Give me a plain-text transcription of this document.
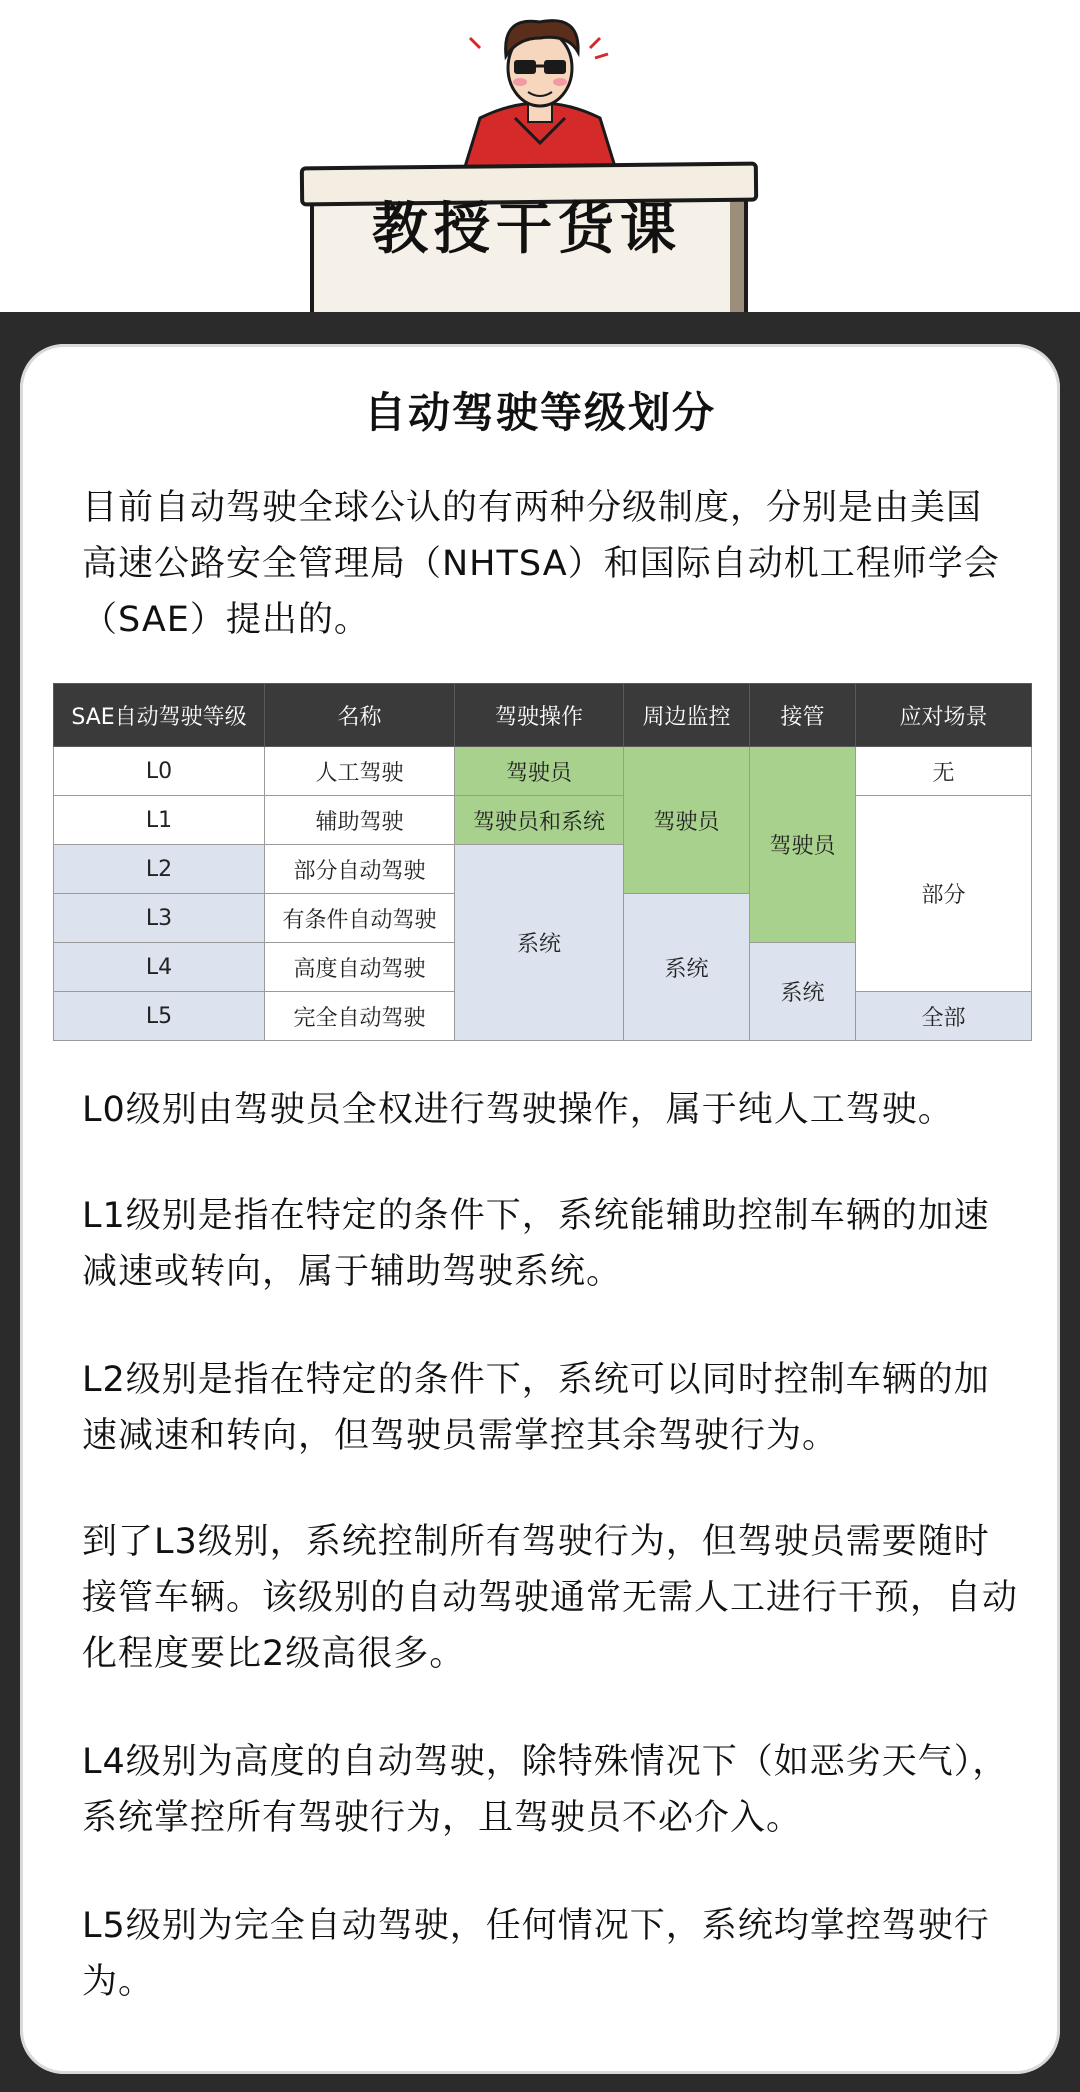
教授干货课
自动驾驶等级划分
目前自动驾驶全球公认的有两种分级制度，分别是由美国高速公路安全管理局（NHTSA）和国际自动机工程师学会（SAE）提出的。
SAE自动驾驶等级	名称	驾驶操作	周边监控	接管	应对场景
L0	人工驾驶	驾驶员	驾驶员	驾驶员	无
L1	辅助驾驶	驾驶员和系统			部分
L2	部分自动驾驶	系统			
L3	有条件自动驾驶		系统		
L4	高度自动驾驶			系统	
L5	完全自动驾驶				全部
L0级别由驾驶员全权进行驾驶操作，属于纯人工驾驶。
L1级别是指在特定的条件下，系统能辅助控制车辆的加速减速或转向，属于辅助驾驶系统。
L2级别是指在特定的条件下，系统可以同时控制车辆的加速减速和转向，但驾驶员需掌控其余驾驶行为。
到了L3级别，系统控制所有驾驶行为，但驾驶员需要随时接管车辆。该级别的自动驾驶通常无需人工进行干预，自动化程度要比2级高很多。
L4级别为高度的自动驾驶，除特殊情况下（如恶劣天气），系统掌控所有驾驶行为，且驾驶员不必介入。
L5级别为完全自动驾驶，任何情况下，系统均掌控驾驶行为。
